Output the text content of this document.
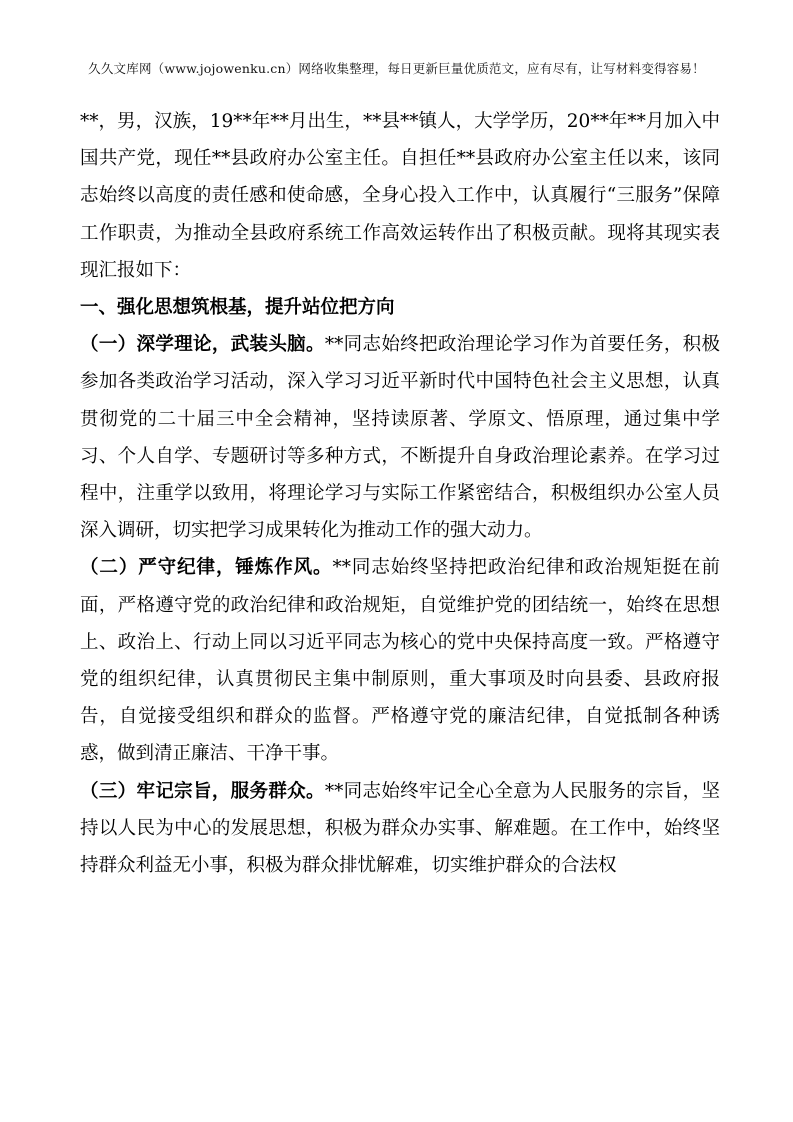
久久文库网（www.jojowenku.cn）网络收集整理，每日更新巨量优质范文，应有尽有，让写材料变得容易！

**，男，汉族，19**年**月出生，**县**镇人，大学学历，20**年**月加入中国共产党，现任**县政府办公室主任。自担任**县政府办公室主任以来，该同志始终以高度的责任感和使命感，全身心投入工作中，认真履行“三服务”保障工作职责，为推动全县政府系统工作高效运转作出了积极贡献。现将其现实表现汇报如下：

一、强化思想筑根基，提升站位把方向

（一）深学理论，武装头脑。**同志始终把政治理论学习作为首要任务，积极参加各类政治学习活动，深入学习习近平新时代中国特色社会主义思想，认真贯彻党的二十届三中全会精神，坚持读原著、学原文、悟原理，通过集中学习、个人自学、专题研讨等多种方式，不断提升自身政治理论素养。在学习过程中，注重学以致用，将理论学习与实际工作紧密结合，积极组织办公室人员深入调研，切实把学习成果转化为推动工作的强大动力。

（二）严守纪律，锤炼作风。**同志始终坚持把政治纪律和政治规矩挺在前面，严格遵守党的政治纪律和政治规矩，自觉维护党的团结统一，始终在思想上、政治上、行动上同以习近平同志为核心的党中央保持高度一致。严格遵守党的组织纪律，认真贯彻民主集中制原则，重大事项及时向县委、县政府报告，自觉接受组织和群众的监督。严格遵守党的廉洁纪律，自觉抵制各种诱惑，做到清正廉洁、干净干事。

（三）牢记宗旨，服务群众。**同志始终牢记全心全意为人民服务的宗旨，坚持以人民为中心的发展思想，积极为群众办实事、解难题。在工作中，始终坚持群众利益无小事，积极为群众排忧解难，切实维护群众的合法权
